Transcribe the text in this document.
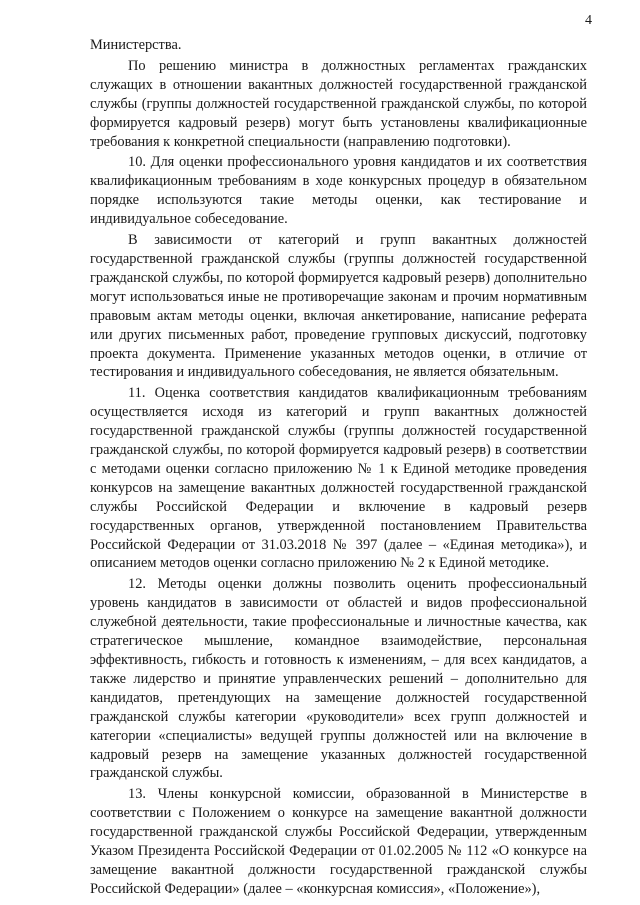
4

Министерства.

По решению министра в должностных регламентах гражданских служащих в отношении вакантных должностей государственной гражданской службы (группы должностей государственной гражданской службы, по которой формируется кадровый резерв) могут быть установлены квалификационные требования к конкретной специальности (направлению подготовки).

10. Для оценки профессионального уровня кандидатов и их соответствия квалификационным требованиям в ходе конкурсных процедур в обязательном порядке используются такие методы оценки, как тестирование и индивидуальное собеседование.

В зависимости от категорий и групп вакантных должностей государственной гражданской службы (группы должностей государственной гражданской службы, по которой формируется кадровый резерв) дополнительно могут использоваться иные не противоречащие законам и прочим нормативным правовым актам методы оценки, включая анкетирование, написание реферата или других письменных работ, проведение групповых дискуссий, подготовку проекта документа. Применение указанных методов оценки, в отличие от тестирования и индивидуального собеседования, не является обязательным.

11. Оценка соответствия кандидатов квалификационным требованиям осуществляется исходя из категорий и групп вакантных должностей государственной гражданской службы (группы должностей государственной гражданской службы, по которой формируется кадровый резерв) в соответствии с методами оценки согласно приложению № 1 к Единой методике проведения конкурсов на замещение вакантных должностей государственной гражданской службы Российской Федерации и включение в кадровый резерв государственных органов, утвержденной постановлением Правительства Российской Федерации от 31.03.2018 № 397 (далее – «Единая методика»), и описанием методов оценки согласно приложению № 2 к Единой методике.

12. Методы оценки должны позволить оценить профессиональный уровень кандидатов в зависимости от областей и видов профессиональной служебной деятельности, такие профессиональные и личностные качества, как стратегическое мышление, командное взаимодействие, персональная эффективность, гибкость и готовность к изменениям, – для всех кандидатов, а также лидерство и принятие управленческих решений – дополнительно для кандидатов, претендующих на замещение должностей государственной гражданской службы категории «руководители» всех групп должностей и категории «специалисты» ведущей группы должностей или на включение в кадровый резерв на замещение указанных должностей государственной гражданской службы.

13. Члены конкурсной комиссии, образованной в Министерстве в соответствии с Положением о конкурсе на замещение вакантной должности государственной гражданской службы Российской Федерации, утвержденным Указом Президента Российской Федерации от 01.02.2005 № 112 «О конкурсе на замещение вакантной должности государственной гражданской службы Российской Федерации» (далее – «конкурсная комиссия», «Положение»),
